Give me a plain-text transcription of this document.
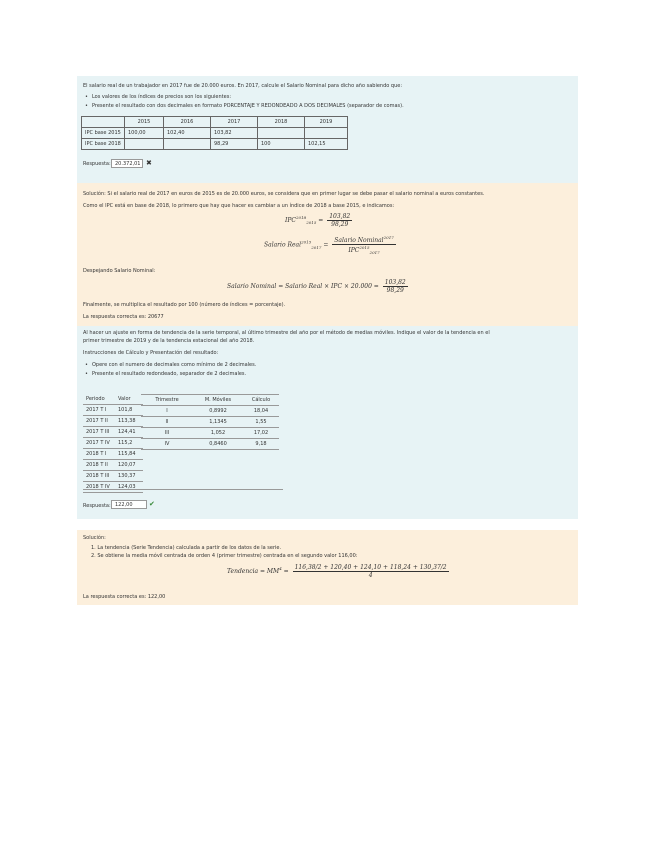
El salario real de un trabajador en 2017 fue de 20.000 euros. En 2017, calcule el Salario Nominal para dicho año sabiendo que:
• Los valores de los índices de precios son los siguientes:
• Presente el resultado con dos decimales en formato PORCENTAJE Y REDONDEADO A DOS DECIMALES (separador de comas).
	2015	2016	2017	2018	2019
IPC base 2015	100,00	102,40	103,82		
IPC base 2018			98,29	100	102,15
Respuesta: 20.372,01 ✖
Solución: Si el salario real de 2017 en euros de 2015 es de 20.000 euros, se considera que en primer lugar se debe pasar el salario nominal a euros constantes.
Como el IPC está en base de 2018, lo primero que hay que hacer es cambiar a un índice de 2018 a base 2015, e indicamos:
$IPC^{2018}_{2015} = \frac{103,82}{98,29}$
Salario Real$^{2015}_{2017}$ = $\frac{Salario Nominal^{2017}}{IPC^{2015}_{2017}}$
Despejando Salario Nominal:
Salario Nominal = Salario Real × IPC × $20.000 = \frac{103,82}{98,29}$
Finalmente, se multiplica el resultado por 100 (número de índices = porcentaje).
La respuesta correcta es: 20677
Al hacer un ajuste en forma de tendencia de la serie temporal, al último trimestre del año por el método de medias móviles. Indique el valor de la tendencia en el
primer trimestre de 2019 y de la tendencia estacional del año 2018.
Instrucciones de Cálculo y Presentación del resultado:
• Opere con el numero de decimales como mínimo de 2 decimales.
• Presente el resultado redondeado, separador de 2 decimales.
Periodo	Valor
2017 T I	101,8
2017 T II	113,38
2017 T III	124,41
2017 T IV	115,2
2018 T I	115,84
2018 T II	120,07
2018 T III	130,37
2018 T IV	124,03
Trimestre	M. Móviles	Cálculo
I	0,8992	18,04
II	1,1345	1,55
III	1,052	17,02
IV	0,8460	9,18
Respuesta: 122,00	✔
Solución:
1. La tendencia (Serie Tendencia) calculada a partir de los datos de la serie.
2. Se obtiene la media móvil centrada de orden 4 (primer trimestre) centrada en el segundo valor 116,00:
Tendencia = $MM^4 = \frac{116,38/2 + 120,40 + 124,10 + 118,24 + 130,37/2}{4}$
La respuesta correcta es: 122,00
